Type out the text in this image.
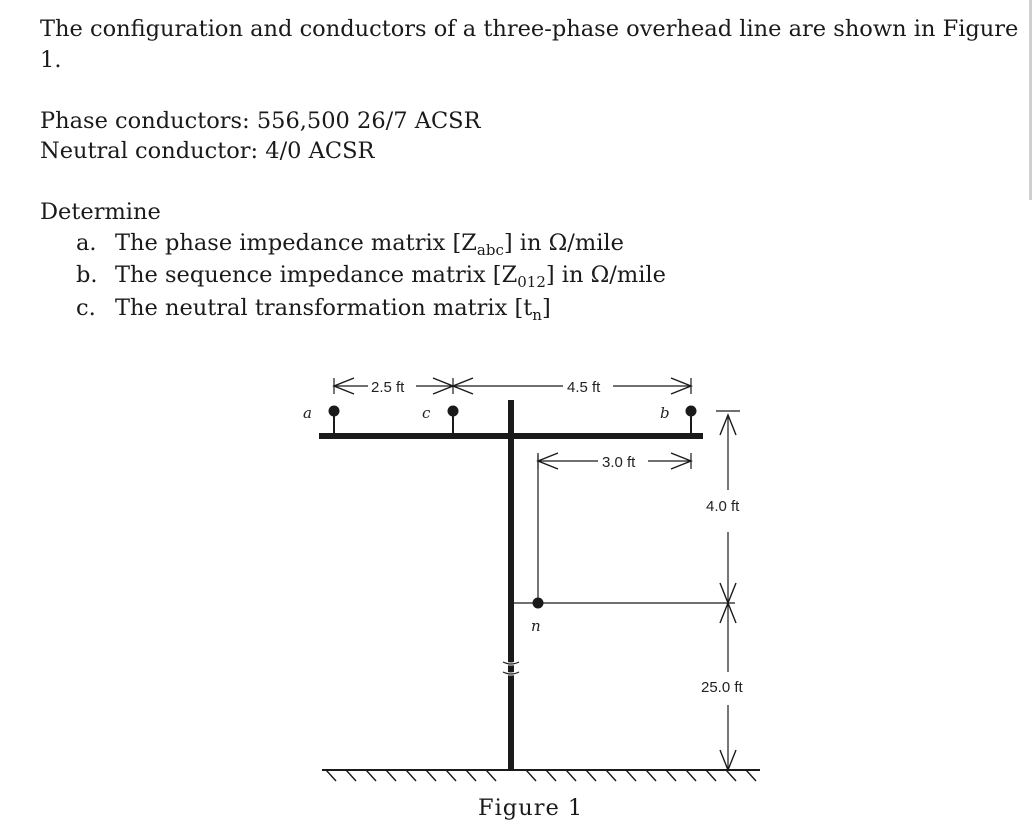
The configuration and conductors of a three-phase overhead line are shown in Figure

1.

Phase conductors: 556,500 26/7 ACSR

Neutral conductor: 4/0 ACSR

Determine

a. The phase impedance matrix $[Z_{abc}]$ in Ω/mile
b. The sequence impedance matrix $[Z_{012}]$ in Ω/mile
c. The neutral transformation matrix $[t_n]$
a	c	b
n
2.5 ft	4.5 ft
3.0 ft
4.0 ft
25.0 ft
Figure 1
